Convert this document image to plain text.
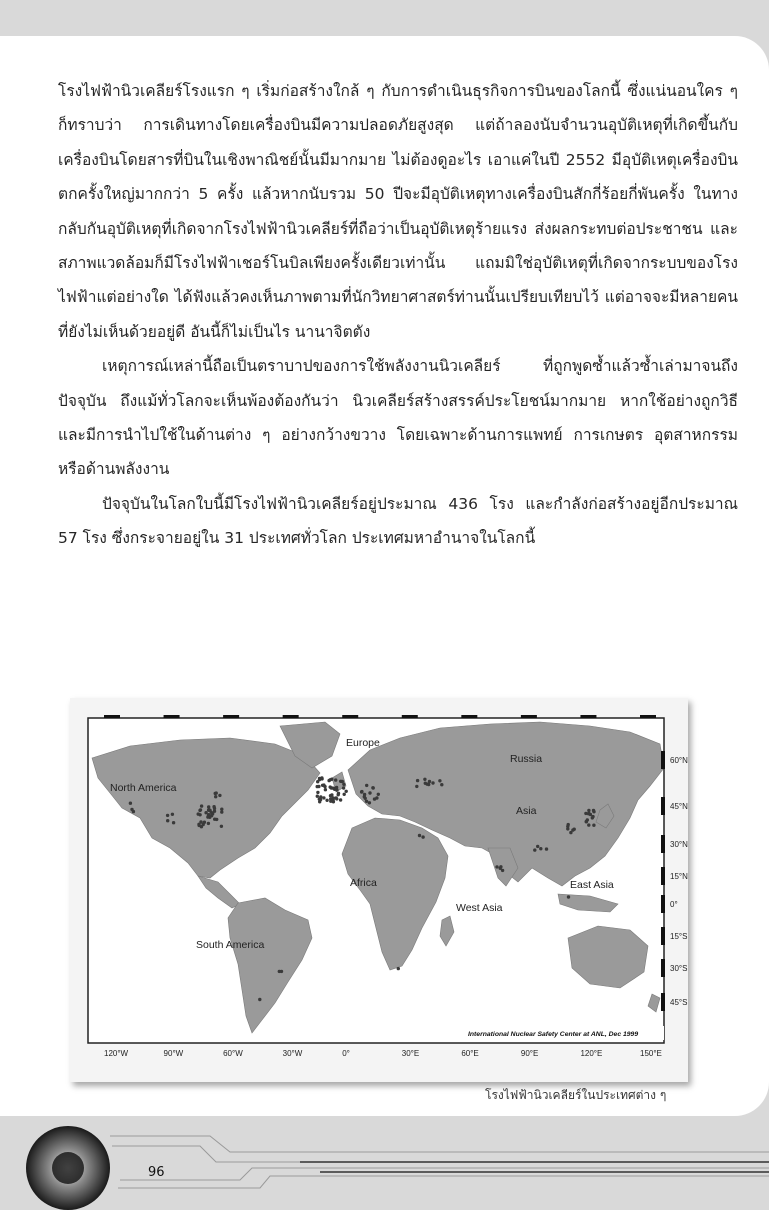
โรงไฟฟ้านิวเคลียร์โรงแรก ๆ เริ่มก่อสร้างใกล้ ๆ กับการดำเนินธุรกิจการบินของโลกนี้ ซึ่งแน่นอนใคร ๆ ก็ทราบว่า การเดินทางโดยเครื่องบินมีความปลอดภัยสูงสุด แต่ถ้าลองนับจำนวนอุบัติเหตุที่เกิดขึ้นกับเครื่องบินโดยสารที่บินในเชิงพาณิชย์นั้นมีมากมาย ไม่ต้องดูอะไร เอาแค่ในปี 2552 มีอุบัติเหตุเครื่องบินตกครั้งใหญ่มากกว่า 5 ครั้ง แล้วหากนับรวม 50 ปีจะมีอุบัติเหตุทางเครื่องบินสักกี่ร้อยกี่พันครั้ง ในทางกลับกันอุบัติเหตุที่เกิดจากโรงไฟฟ้านิวเคลียร์ที่ถือว่าเป็นอุบัติเหตุร้ายแรง ส่งผลกระทบต่อประชาชน และสภาพแวดล้อมก็มีโรงไฟฟ้าเชอร์โนบิลเพียงครั้งเดียวเท่านั้น แถมมิใช่อุบัติเหตุที่เกิดจากระบบของโรงไฟฟ้าแต่อย่างใด ได้ฟังแล้วคงเห็นภาพตามที่นักวิทยาศาสตร์ท่านนั้นเปรียบเทียบไว้ แต่อาจจะมีหลายคนที่ยังไม่เห็นด้วยอยู่ดี อันนี้ก็ไม่เป็นไร นานาจิตตัง

เหตุการณ์เหล่านี้ถือเป็นตราบาปของการใช้พลังงานนิวเคลียร์ ที่ถูกพูดซ้ำแล้วซ้ำเล่ามาจนถึงปัจจุบัน ถึงแม้ทั่วโลกจะเห็นพ้องต้องกันว่า นิวเคลียร์สร้างสรรค์ประโยชน์มากมาย หากใช้อย่างถูกวิธี และมีการนำไปใช้ในด้านต่าง ๆ อย่างกว้างขวาง โดยเฉพาะด้านการแพทย์ การเกษตร อุตสาหกรรม หรือด้านพลังงาน

ปัจจุบันในโลกใบนี้มีโรงไฟฟ้านิวเคลียร์อยู่ประมาณ 436 โรง และกำลังก่อสร้างอยู่อีกประมาณ 57 โรง ซึ่งกระจายอยู่ใน 31 ประเทศทั่วโลก ประเทศมหาอำนาจในโลกนี้

60°N
45°N
30°N
15°N
0°
15°S
30°S
45°S
120°W	90°W	60°W	30°W	0°	30°E	60°E	90°E	120°E	150°E
North America
Europe
Russia
Asia
Africa	East Asia
West Asia
South America
International Nuclear Safety Center at ANL, Dec 1999
โรงไฟฟ้านิวเคลียร์ในประเทศต่าง ๆ
96
